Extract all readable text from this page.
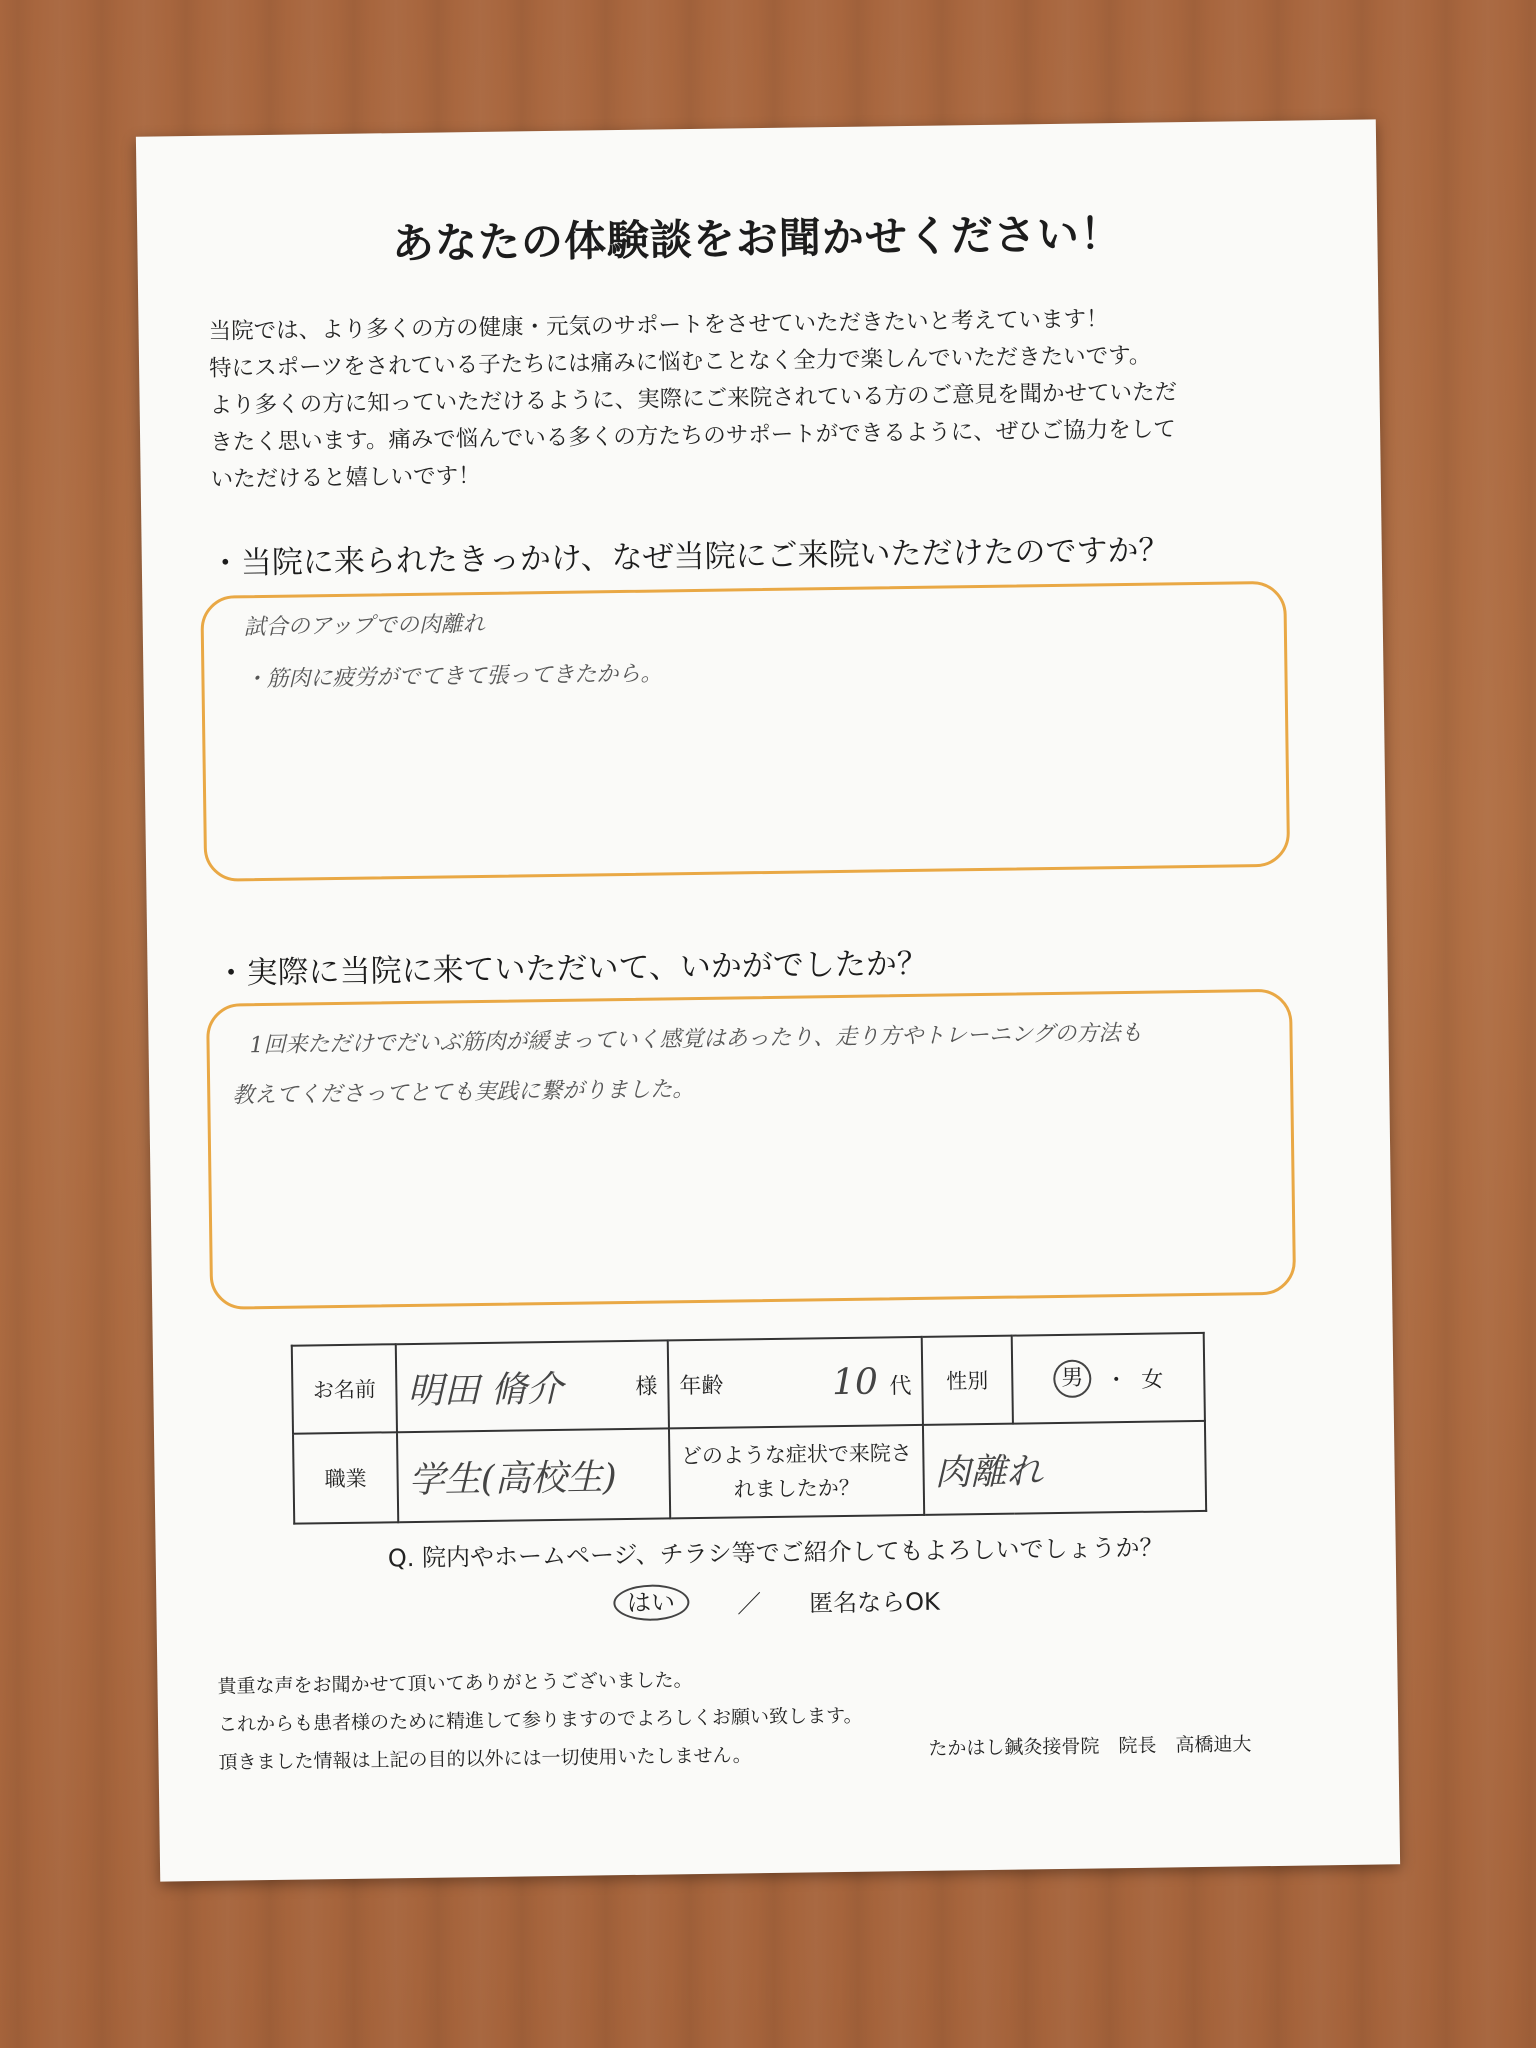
あなたの体験談をお聞かせください！
当院では、より多くの方の健康・元気のサポートをさせていただきたいと考えています！
特にスポーツをされている子たちには痛みに悩むことなく全力で楽しんでいただきたいです。
より多くの方に知っていただけるように、実際にご来院されている方のご意見を聞かせていただ
きたく思います。痛みで悩んでいる多くの方たちのサポートができるように、ぜひご協力をして
いただけると嬉しいです！
・当院に来られたきっかけ、なぜ当院にご来院いただけたのですか？
試合のアップでの肉離れ
・筋肉に疲労がでてきて張ってきたから。
・実際に当院に来ていただいて、いかがでしたか？
1回来ただけでだいぶ筋肉が緩まっていく感覚はあったり、走り方やトレーニングの方法も
教えてくださってとても実践に繋がりました。
お名前	明田 脩介 様	年齢 10 代	性別	男 ・ 女

職業	学生(高校生)	どのような症状で来院されましたか？	肉離れ	
Q. 院内やホームページ、チラシ等でご紹介してもよろしいでしょうか？
はい	／ 匿名ならOK
貴重な声をお聞かせて頂いてありがとうございました。
これからも患者様のために精進して参りますのでよろしくお願い致します。
頂きました情報は上記の目的以外には一切使用いたしません。	たかはし鍼灸接骨院　院長　高橋迪大
